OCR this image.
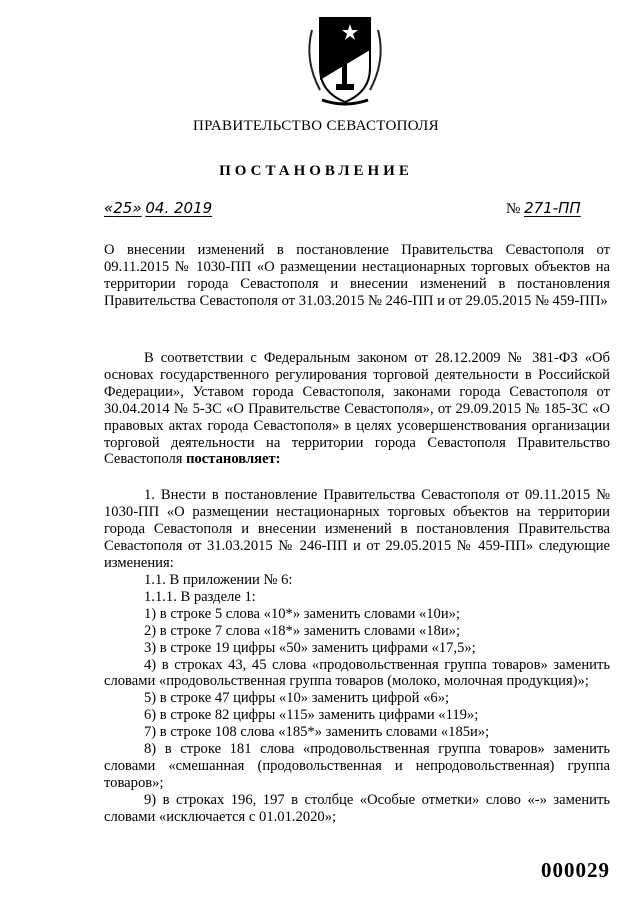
ПРАВИТЕЛЬСТВО СЕВАСТОПОЛЯ
ПОСТАНОВЛЕНИЕ
«25» 04. 2019	№ 271-ПП
О внесении изменений в постановление Правительства Севастополя от 09.11.2015 № 1030-ПП «О размещении нестационарных торговых объектов на территории города Севастополя и внесении изменений в постановления Правительства Севастополя от 31.03.2015 № 246-ПП и от 29.05.2015 № 459-ПП»
В соответствии с Федеральным законом от 28.12.2009 № 381-ФЗ «Об основах государственного регулирования торговой деятельности в Российской Федерации», Уставом города Севастополя, законами города Севастополя от 30.04.2014 № 5-ЗС «О Правительстве Севастополя», от 29.09.2015 № 185-ЗС «О правовых актах города Севастополя» в целях усовершенствования организации торговой деятельности на территории города Севастополя Правительство Севастополя постановляет:
1. Внести в постановление Правительства Севастополя от 09.11.2015 № 1030-ПП «О размещении нестационарных торговых объектов на территории города Севастополя и внесении изменений в постановления Правительства Севастополя от 31.03.2015 № 246-ПП и от 29.05.2015 № 459-ПП» следующие изменения:
1.1. В приложении № 6:
1.1.1. В разделе 1:
1) в строке 5 слова «10*» заменить словами «10и»;
2) в строке 7 слова «18*» заменить словами «18и»;
3) в строке 19 цифры «50» заменить цифрами «17,5»;
4) в строках 43, 45 слова «продовольственная группа товаров» заменить словами «продовольственная группа товаров (молоко, молочная продукция)»;
5) в строке 47 цифры «10» заменить цифрой «6»;
6) в строке 82 цифры «115» заменить цифрами «119»;
7) в строке 108 слова «185*» заменить словами «185и»;
8) в строке 181 слова «продовольственная группа товаров» заменить словами «смешанная (продовольственная и непродовольственная) группа товаров»;
9) в строках 196, 197 в столбце «Особые отметки» слово «-» заменить словами «исключается с 01.01.2020»;
000029
